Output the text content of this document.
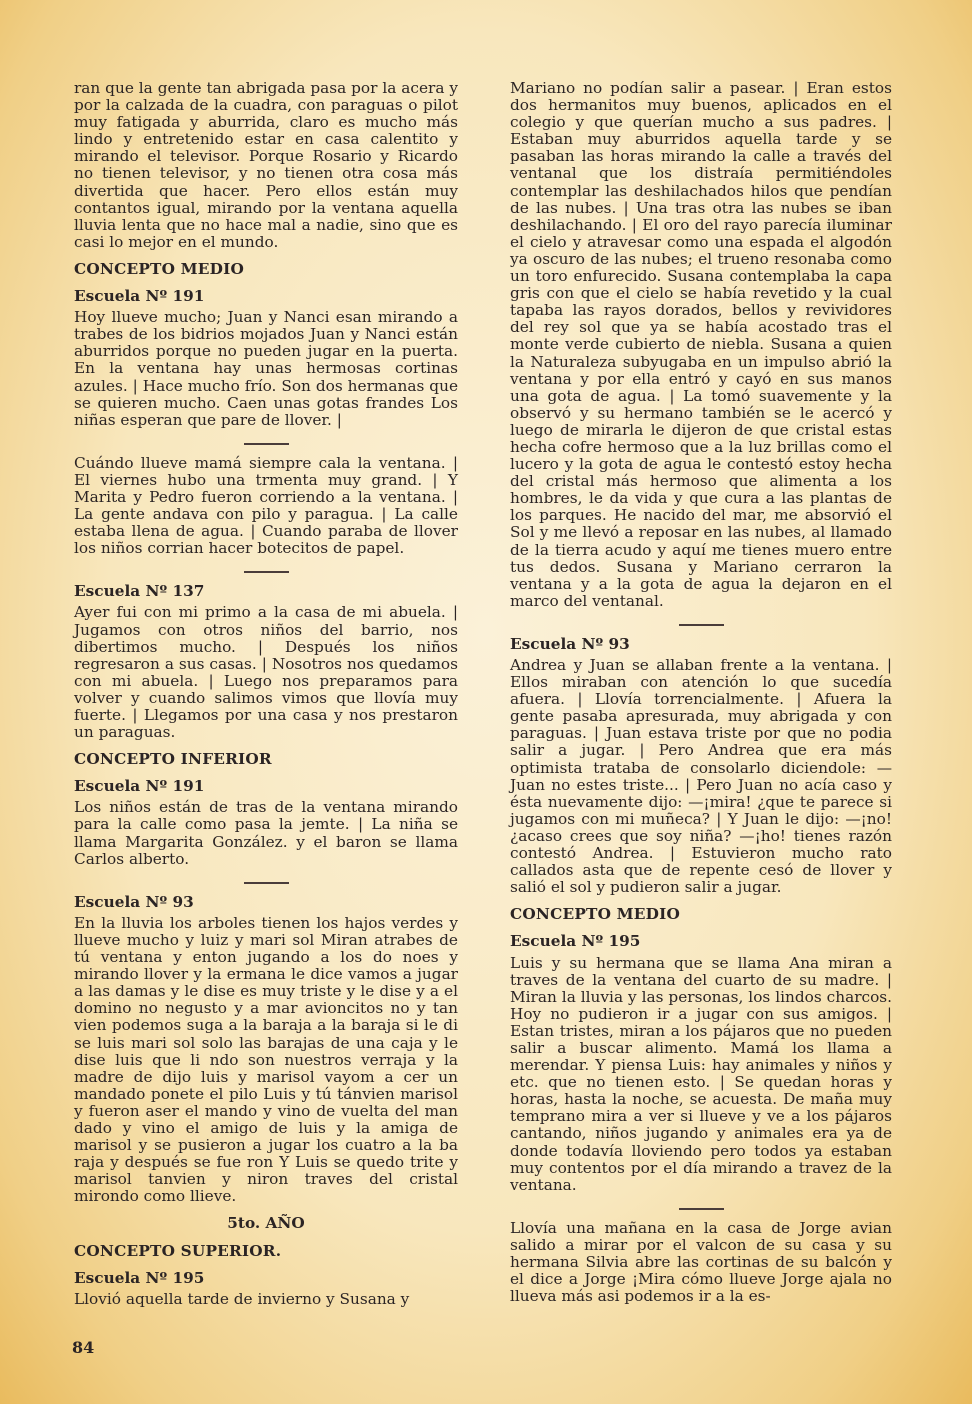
ran que la gente tan abrigada pasa por la acera y por la calzada de la cuadra, con paraguas o pilot muy fatigada y aburrida, claro es mucho más lindo y entretenido estar en casa calentito y mirando el televisor. Porque Rosario y Ricardo no tienen televisor, y no tienen otra cosa más divertida que hacer. Pero ellos están muy contantos igual, mirando por la ventana aquella lluvia lenta que no hace mal a nadie, sino que es casi lo mejor en el mundo.

CONCEPTO MEDIO
Escuela Nº 191

Hoy llueve mucho; Juan y Nanci esan mirando a trabes de los bidrios mojados Juan y Nanci están aburridos porque no pueden jugar en la puerta. En la ventana hay unas hermosas cortinas azules. | Hace mucho frío. Son dos hermanas que se quieren mucho. Caen unas gotas frandes Los niñas esperan que pare de llover. |

Cuándo llueve mamá siempre cala la ventana. | El viernes hubo una trmenta muy grand. | Y Marita y Pedro fueron corriendo a la ventana. | La gente andava con pilo y paragua. | La calle estaba llena de agua. | Cuando paraba de llover los niños corrian hacer botecitos de papel.

Escuela Nº 137

Ayer fui con mi primo a la casa de mi abuela. | Jugamos con otros niños del barrio, nos dibertimos mucho. | Después los niños regresaron a sus casas. | Nosotros nos quedamos con mi abuela. | Luego nos preparamos para volver y cuando salimos vimos que llovía muy fuerte. | Llegamos por una casa y nos prestaron un paraguas.

CONCEPTO INFERIOR
Escuela Nº 191

Los niños están de tras de la ventana mirando para la calle como pasa la jemte. | La niña se llama Margarita González. y el baron se llama Carlos alberto.

Escuela Nº 93

En la lluvia los arboles tienen los hajos verdes y llueve mucho y luiz y mari sol Miran atrabes de tú ventana y enton jugando a los do noes y mirando llover y la ermana le dice vamos a jugar a las damas y le dise es muy triste y le dise y a el domino no negusto y a mar avioncitos no y tan vien podemos suga a la baraja a la baraja si le di se luis mari sol solo las barajas de una caja y le dise luis que li ndo son nuestros verraja y la madre de dijo luis y marisol vayom a cer un mandado ponete el pilo Luis y tú tánvien marisol y fueron aser el mando y vino de vuelta del man dado y vino el amigo de luis y la amiga de marisol y se pusieron a jugar los cuatro a la ba raja y después se fue ron Y Luis se quedo trite y marisol tanvien y niron traves del cristal mirondo como llieve.

5to. AÑO
CONCEPTO SUPERIOR.
Escuela Nº 195

Llovió aquella tarde de invierno y Susana y

Mariano no podían salir a pasear. | Eran estos dos hermanitos muy buenos, aplicados en el colegio y que querían mucho a sus padres. | Estaban muy aburridos aquella tarde y se pasaban las horas mirando la calle a través del ventanal que los distraía permitiéndoles contemplar las deshilachados hilos que pendían de las nubes. | Una tras otra las nubes se iban deshilachando. | El oro del rayo parecía iluminar el cielo y atravesar como una espada el algodón ya oscuro de las nubes; el trueno resonaba como un toro enfurecido. Susana contemplaba la capa gris con que el cielo se había revetido y la cual tapaba las rayos dorados, bellos y revividores del rey sol que ya se había acostado tras el monte verde cubierto de niebla. Susana a quien la Naturaleza subyugaba en un impulso abrió la ventana y por ella entró y cayó en sus manos una gota de agua. | La tomó suavemente y la observó y su hermano también se le acercó y luego de mirarla le dijeron de que cristal estas hecha cofre hermoso que a la luz brillas como el lucero y la gota de agua le contestó estoy hecha del cristal más hermoso que alimenta a los hombres, le da vida y que cura a las plantas de los parques. He nacido del mar, me absorvió el Sol y me llevó a reposar en las nubes, al llamado de la tierra acudo y aquí me tienes muero entre tus dedos. Susana y Mariano cerraron la ventana y a la gota de agua la dejaron en el marco del ventanal.

Escuela Nº 93

Andrea y Juan se allaban frente a la ventana. | Ellos miraban con atención lo que sucedía afuera. | Llovía torrencialmente. | Afuera la gente pasaba apresurada, muy abrigada y con paraguas. | Juan estava triste por que no podia salir a jugar. | Pero Andrea que era más optimista trataba de consolarlo diciendole: —Juan no estes triste... | Pero Juan no acía caso y ésta nuevamente dijo: —¡mira! ¿que te parece si jugamos con mi muñeca? | Y Juan le dijo: —¡no! ¿acaso crees que soy niña? —¡ho! tienes razón contestó Andrea. | Estuvieron mucho rato callados asta que de repente cesó de llover y salió el sol y pudieron salir a jugar.

CONCEPTO MEDIO
Escuela Nº 195

Luis y su hermana que se llama Ana miran a traves de la ventana del cuarto de su madre. | Miran la lluvia y las personas, los lindos charcos. Hoy no pudieron ir a jugar con sus amigos. | Estan tristes, miran a los pájaros que no pueden salir a buscar alimento. Mamá los llama a merendar. Y piensa Luis: hay animales y niños y etc. que no tienen esto. | Se quedan horas y horas, hasta la noche, se acuesta. De maña muy temprano mira a ver si llueve y ve a los pájaros cantando, niños jugando y animales era ya de donde todavía lloviendo pero todos ya estaban muy contentos por el día mirando a travez de la ventana.

Llovía una mañana en la casa de Jorge avian salido a mirar por el valcon de su casa y su hermana Silvia abre las cortinas de su balcón y el dice a Jorge ¡Mira cómo llueve Jorge ajala no llueva más asi podemos ir a la es-

84
